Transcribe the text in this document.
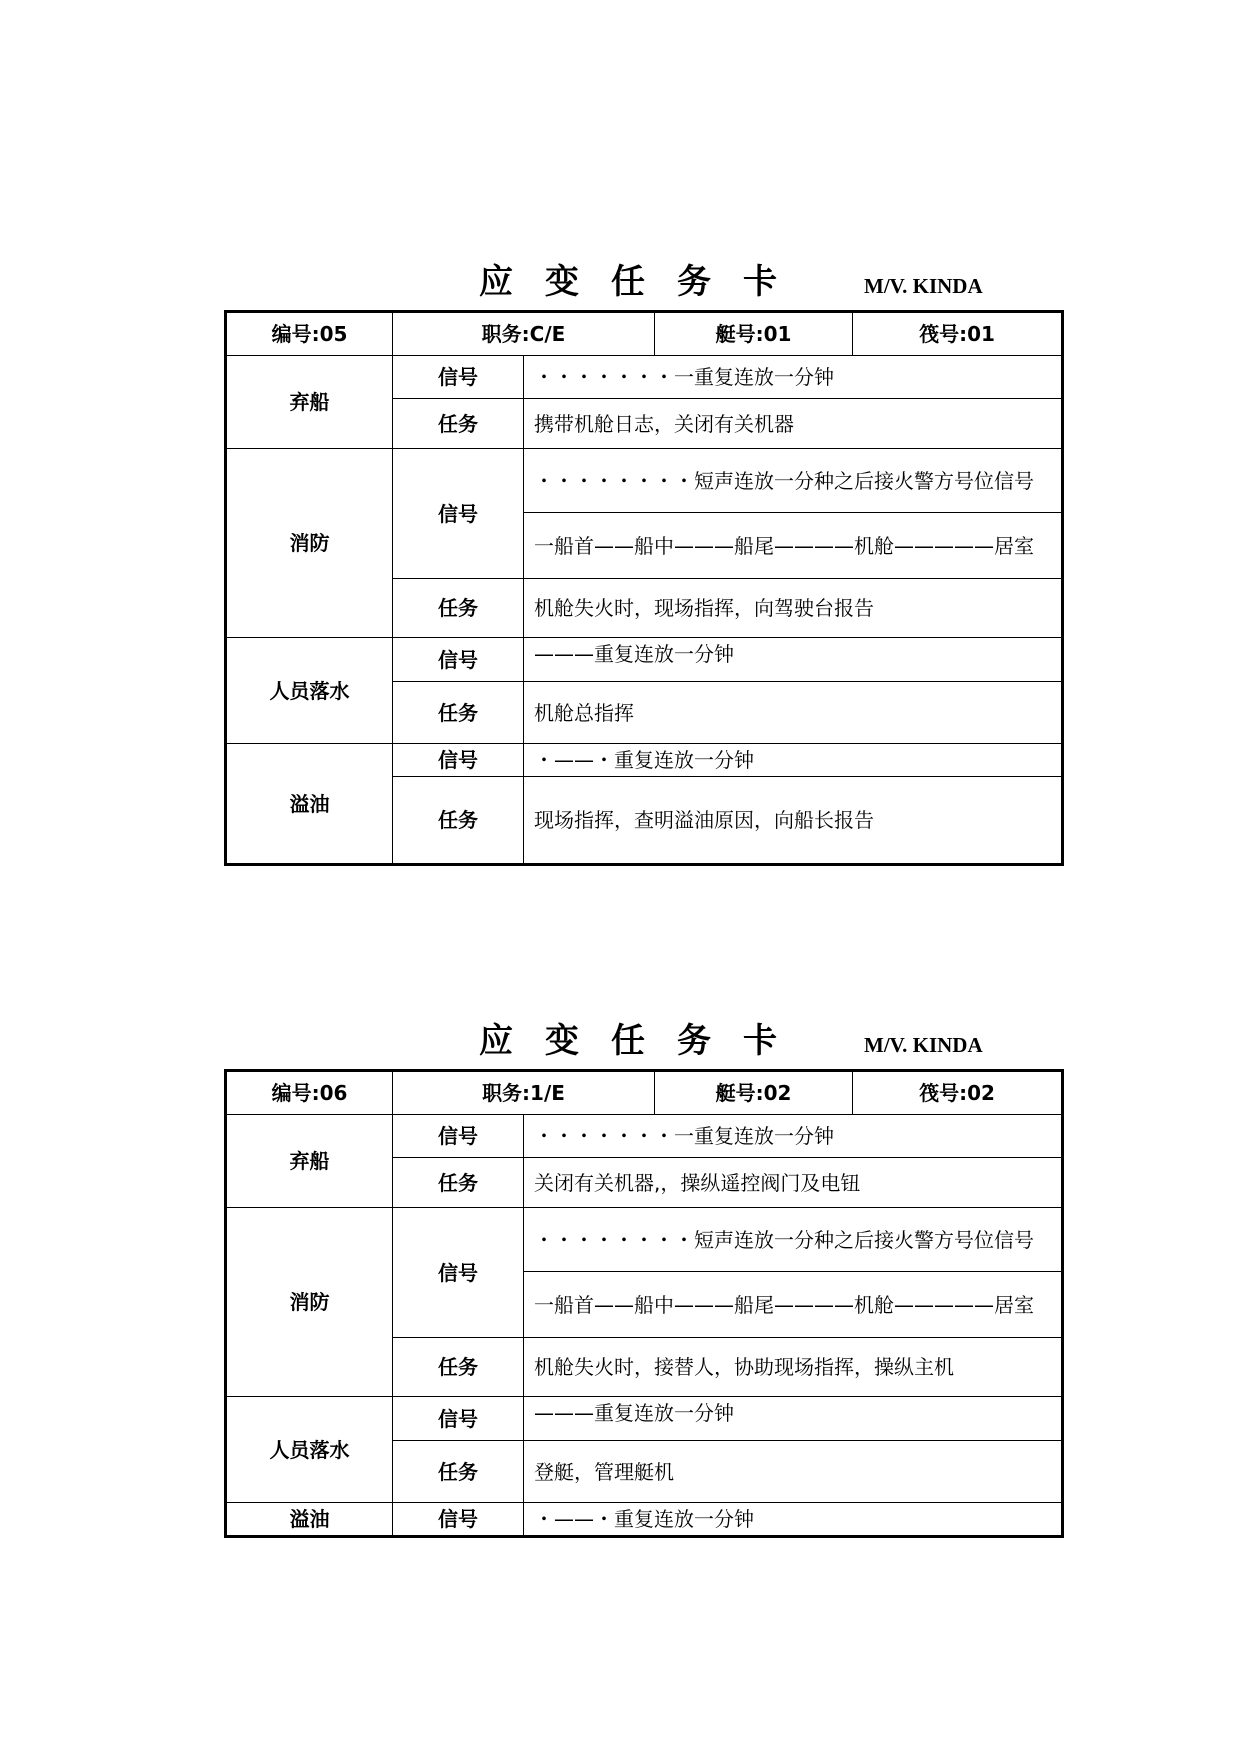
应变任务卡	M/V. KINDA
编号:05	职务:C/E		艇号:01	筏号:01
弃船	信号	・・・・・・・一重复连放一分钟		
	任务	携带机舱日志，关闭有关机器		
消防	信号	・・・・・・・・短声连放一分种之后接火警方号位信号		
		一船首——船中———船尾————机舱—————居室		
	任务	机舱失火时，现场指挥，向驾驶台报告		
人员落水	信号	———重复连放一分钟		
	任务	机舱总指挥		
溢油	信号	・——・重复连放一分钟		
	任务	现场指挥，查明溢油原因，向船长报告		
应变任务卡	M/V. KINDA
编号:06	职务:1/E		艇号:02	筏号:02
弃船	信号	・・・・・・・一重复连放一分钟		
	任务	关闭有关机器,，操纵遥控阀门及电钮		
消防	信号	・・・・・・・・短声连放一分种之后接火警方号位信号		
		一船首——船中———船尾————机舱—————居室		
	任务	机舱失火时，接替人，协助现场指挥，操纵主机		
人员落水	信号	———重复连放一分钟		
	任务	登艇，管理艇机		
溢油	信号	・——・重复连放一分钟		
